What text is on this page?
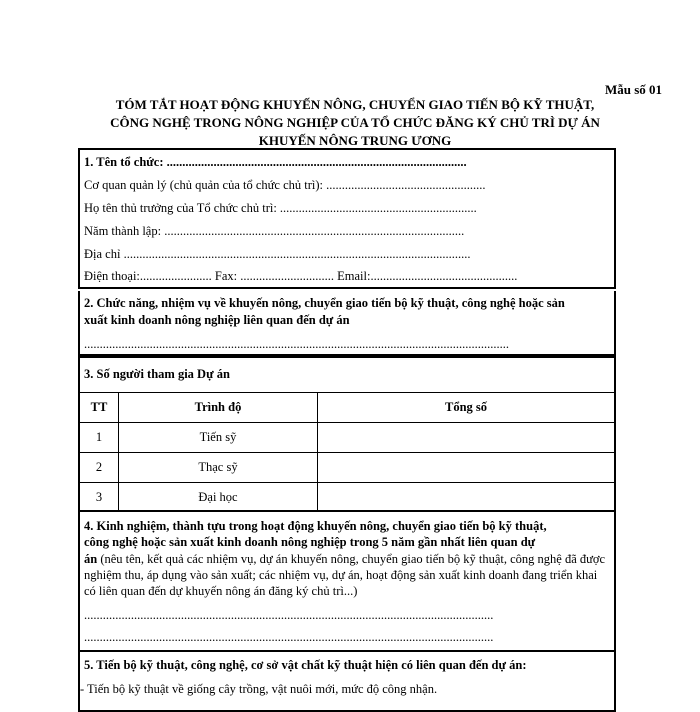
Mẫu số 01
TÓM TẮT HOẠT ĐỘNG KHUYẾN NÔNG, CHUYỂN GIAO TIẾN BỘ KỸ THUẬT,
CÔNG NGHỆ TRONG NÔNG NGHIỆP CỦA TỔ CHỨC ĐĂNG KÝ CHỦ TRÌ DỰ ÁN
KHUYẾN NÔNG TRUNG ƯƠNG
1. Tên tổ chức: ................................................................................................
Cơ quan quản lý (chủ quản của tổ chức chủ trì): ...................................................
Họ tên thủ trưởng của Tổ chức chủ trì: ...............................................................
Năm thành lập: ................................................................................................
Địa chỉ ...............................................................................................................
Điện thoại:....................... Fax: .............................. Email:...............................................
2. Chức năng, nhiệm vụ về khuyến nông, chuyển giao tiến bộ kỹ thuật, công nghệ hoặc sản
xuất kinh doanh nông nghiệp liên quan đến dự án
........................................................................................................................................
3. Số người tham gia Dự án
TT	Trình độ	Tổng số
1	Tiến sỹ	
2	Thạc sỹ	
3	Đại học	
4. Kinh nghiệm, thành tựu trong hoạt động khuyến nông, chuyển giao tiến bộ kỹ thuật,
công nghệ hoặc sản xuất kinh doanh nông nghiệp trong 5 năm gần nhất liên quan dự
án (nêu tên, kết quả các nhiệm vụ, dự án khuyến nông, chuyển giao tiến bộ kỹ thuật, công nghệ đã được nghiệm thu, áp dụng vào sản xuất; các nhiệm vụ, dự án, hoạt động sản xuất kinh doanh đang triển khai có liên quan đến dự khuyến nông án đăng ký chủ trì...)
...................................................................................................................................
...................................................................................................................................
5. Tiến bộ kỹ thuật, công nghệ, cơ sở vật chất kỹ thuật hiện có liên quan đến dự án:
- Tiến bộ kỹ thuật về giống cây trồng, vật nuôi mới, mức độ công nhận.
